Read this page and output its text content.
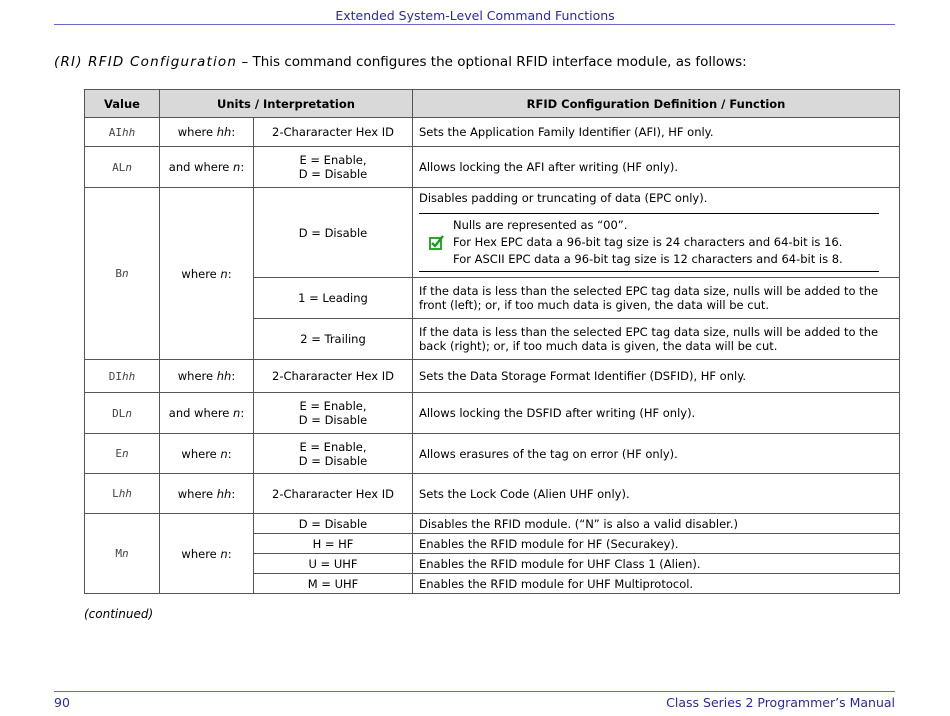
Extended System-Level Command Functions
(RI) RFID Configuration – This command configures the optional RFID interface module, as follows:
Value	Units / Interpretation		RFID Configuration Definition / Function
AIhh	where hh:	2-Chararacter Hex ID	Sets the Application Family Identifier (AFI), HF only.
ALn	and where n:	E = Enable,
D = Disable	Allows locking the AFI after writing (HF only).
Bn	where n:	D = Disable	Disables padding or truncating of data (EPC only).
Nulls are represented as “00”.
For Hex EPC data a 96-bit tag size is 24 characters and 64-bit is 16.
For ASCII EPC data a 96-bit tag size is 12 characters and 64-bit is 8.

		1 = Leading	If the data is less than the selected EPC tag data size, nulls will be added to the
front (left); or, if too much data is given, the data will be cut.

		2 = Trailing	If the data is less than the selected EPC tag data size, nulls will be added to the
back (right); or, if too much data is given, the data will be cut.

DIhh	where hh:	2-Chararacter Hex ID	Sets the Data Storage Format Identifier (DSFID), HF only.
DLn	and where n:	E = Enable,
D = Disable	Allows locking the DSFID after writing (HF only).
En	where n:	E = Enable,
D = Disable	Allows erasures of the tag on error (HF only).
Lhh	where hh:	2-Chararacter Hex ID	Sets the Lock Code (Alien UHF only).
Mn	where n:	D = Disable	Disables the RFID module. (“N” is also a valid disabler.)
		H = HF	Enables the RFID module for HF (Securakey).
		U = UHF	Enables the RFID module for UHF Class 1 (Alien).
		M = UHF	Enables the RFID module for UHF Multiprotocol.
(continued)
90	Class Series 2 Programmer’s Manual
